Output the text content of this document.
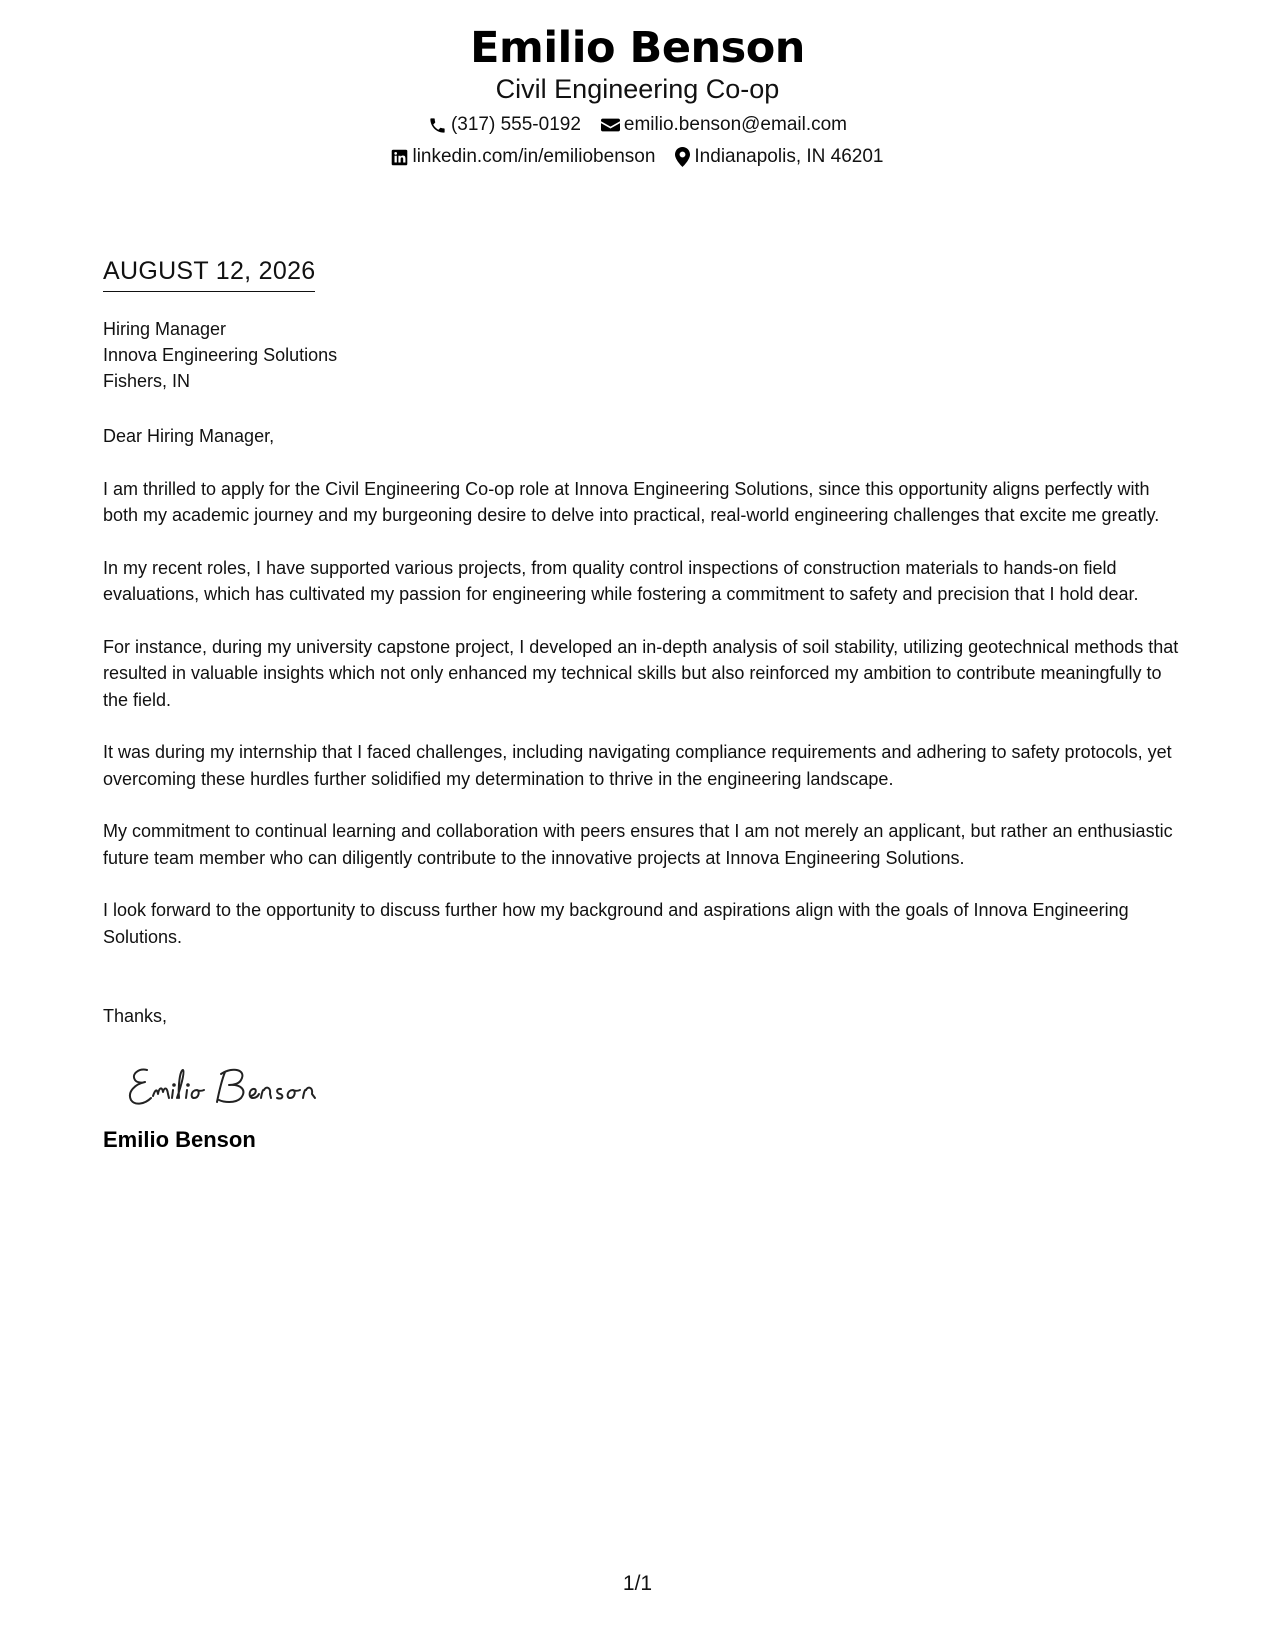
Emilio Benson
Civil Engineering Co-op
(317) 555-0192 emilio.benson@email.com
linkedin.com/in/emiliobenson Indianapolis, IN 46201
AUGUST 12, 2026
Hiring Manager
Innova Engineering Solutions
Fishers, IN
Dear Hiring Manager,
I am thrilled to apply for the Civil Engineering Co-op role at Innova Engineering Solutions, since this opportunity aligns perfectly with both my academic journey and my burgeoning desire to delve into practical, real-world engineering challenges that excite me greatly.
In my recent roles, I have supported various projects, from quality control inspections of construction materials to hands-on field evaluations, which has cultivated my passion for engineering while fostering a commitment to safety and precision that I hold dear.
For instance, during my university capstone project, I developed an in-depth analysis of soil stability, utilizing geotechnical methods that resulted in valuable insights which not only enhanced my technical skills but also reinforced my ambition to contribute meaningfully to the field.
It was during my internship that I faced challenges, including navigating compliance requirements and adhering to safety protocols, yet overcoming these hurdles further solidified my determination to thrive in the engineering landscape.
My commitment to continual learning and collaboration with peers ensures that I am not merely an applicant, but rather an enthusiastic future team member who can diligently contribute to the innovative projects at Innova Engineering Solutions.
I look forward to the opportunity to discuss further how my background and aspirations align with the goals of Innova Engineering Solutions.
Thanks,
Emilio Benson
1/1
